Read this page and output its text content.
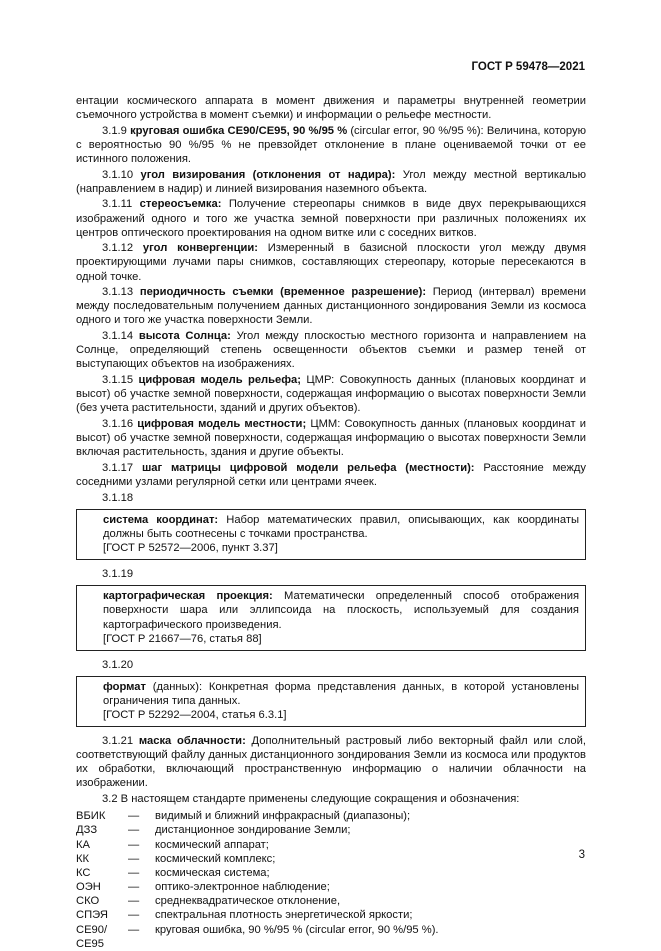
ГОСТ Р 59478—2021

ентации космического аппарата в момент движения и параметры внутренней геометрии съемочного устройства в момент съемки) и информации о рельефе местности.

3.1.9 круговая ошибка СЕ90/СЕ95, 90 %/95 % (circular error, 90 %/95 %): Величина, которую с вероятностью 90 %/95 % не превзойдет отклонение в плане оцениваемой точки от ее истинного положения.

3.1.10 угол визирования (отклонения от надира): Угол между местной вертикалью (направлением в надир) и линией визирования наземного объекта.

3.1.11 стереосъемка: Получение стереопары снимков в виде двух перекрывающихся изображений одного и того же участка земной поверхности при различных положениях их центров оптического проектирования на одном витке или с соседних витков.

3.1.12 угол конвергенции: Измеренный в базисной плоскости угол между двумя проектирующими лучами пары снимков, составляющих стереопару, которые пересекаются в одной точке.

3.1.13 периодичность съемки (временное разрешение): Период (интервал) времени между последовательным получением данных дистанционного зондирования Земли из космоса одного и того же участка поверхности Земли.

3.1.14 высота Солнца: Угол между плоскостью местного горизонта и направлением на Солнце, определяющий степень освещенности объектов съемки и размер теней от выступающих объектов на изображениях.

3.1.15 цифровая модель рельефа; ЦМР: Совокупность данных (плановых координат и высот) об участке земной поверхности, содержащая информацию о высотах поверхности Земли (без учета растительности, зданий и других объектов).

3.1.16 цифровая модель местности; ЦММ: Совокупность данных (плановых координат и высот) об участке земной поверхности, содержащая информацию о высотах поверхности Земли включая растительность, здания и другие объекты.

3.1.17 шаг матрицы цифровой модели рельефа (местности): Расстояние между соседними узлами регулярной сетки или центрами ячеек.

3.1.18

система координат: Набор математических правил, описывающих, как координаты должны быть соотнесены с точками пространства.

[ГОСТ Р 52572—2006, пункт 3.37]

3.1.19

картографическая проекция: Математически определенный способ отображения поверхности шара или эллипсоида на плоскость, используемый для создания картографического произведения.

[ГОСТ Р 21667—76, статья 88]

3.1.20

формат (данных): Конкретная форма представления данных, в которой установлены ограничения типа данных.

[ГОСТ Р 52292—2004, статья 6.3.1]

3.1.21 маска облачности: Дополнительный растровый либо векторный файл или слой, соответствующий файлу данных дистанционного зондирования Земли из космоса или продуктов их обработки, включающий пространственную информацию о наличии облачности на изображении.

3.2 В настоящем стандарте применены следующие сокращения и обозначения:

ВБИК	—	видимый и ближний инфракрасный (диапазоны);
ДЗЗ	—	дистанционное зондирование Земли;
КА	—	космический аппарат;
КК	—	космический комплекс;
КС	—	космическая система;
ОЭН	—	оптико-электронное наблюдение;
СКО	—	среднеквадратическое отклонение,
СПЭЯ	—	спектральная плотность энергетической яркости;
СЕ90/СЕ95
—	круговая ошибка, 90 %/95 % (circular error, 90 %/95 %).
3
